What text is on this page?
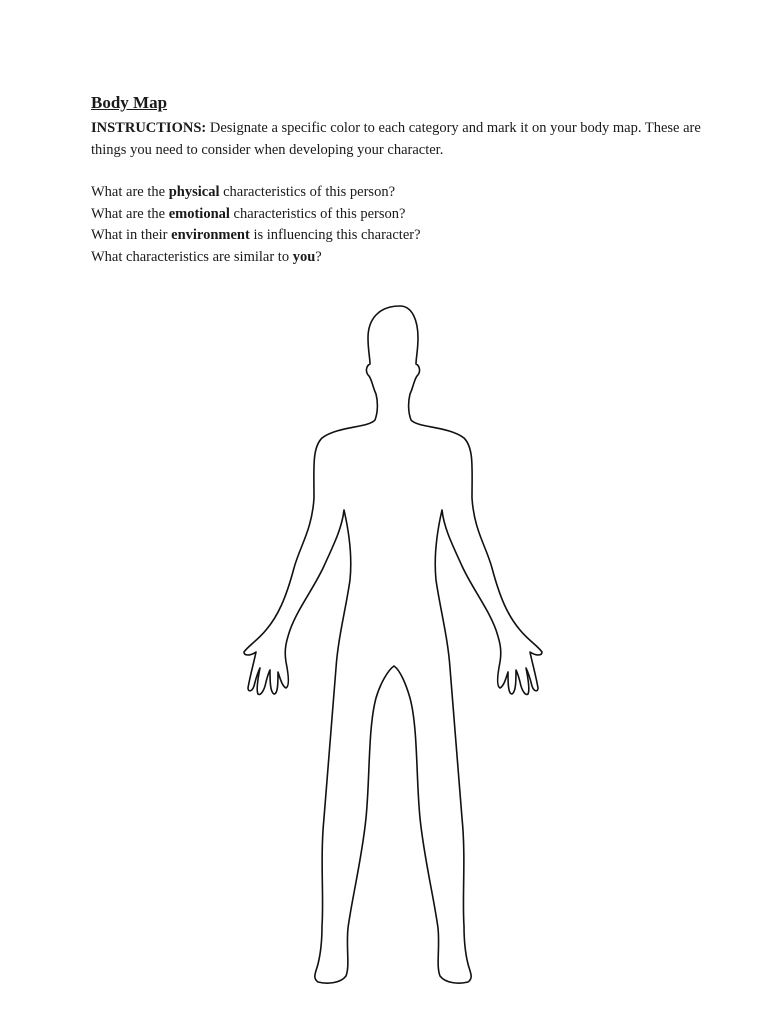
Body Map

INSTRUCTIONS: Designate a specific color to each category and mark it on your body map. These are things you need to consider when developing your character.

What are the physical characteristics of this person?
What are the emotional characteristics of this person?
What in their environment is influencing this character?
What characteristics are similar to you?
